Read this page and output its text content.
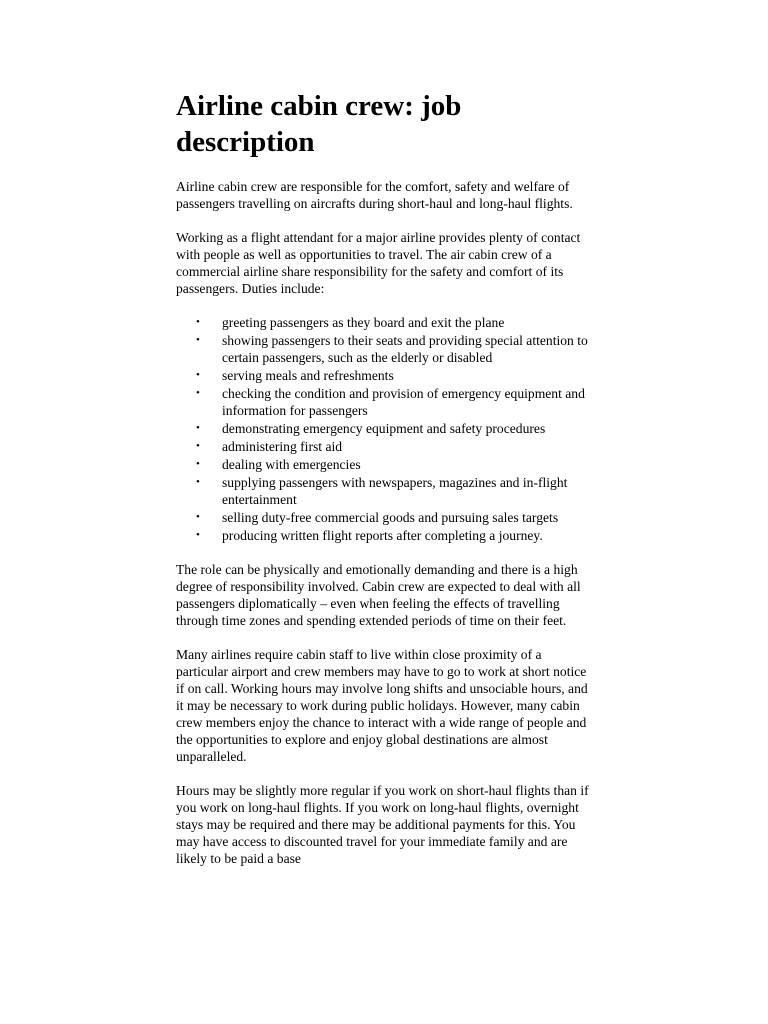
Airline cabin crew: job description

Airline cabin crew are responsible for the comfort, safety and welfare of passengers travelling on aircrafts during short-haul and long-haul flights.

Working as a flight attendant for a major airline provides plenty of contact with people as well as opportunities to travel. The air cabin crew of a commercial airline share responsibility for the safety and comfort of its passengers. Duties include:

• greeting passengers as they board and exit the plane
• showing passengers to their seats and providing special attention to certain passengers, such as the elderly or disabled
• serving meals and refreshments
• checking the condition and provision of emergency equipment and information for passengers
• demonstrating emergency equipment and safety procedures
• administering first aid
• dealing with emergencies
• supplying passengers with newspapers, magazines and in-flight entertainment
• selling duty-free commercial goods and pursuing sales targets
• producing written flight reports after completing a journey.

The role can be physically and emotionally demanding and there is a high degree of responsibility involved. Cabin crew are expected to deal with all passengers diplomatically – even when feeling the effects of travelling through time zones and spending extended periods of time on their feet.

Many airlines require cabin staff to live within close proximity of a particular airport and crew members may have to go to work at short notice if on call. Working hours may involve long shifts and unsociable hours, and it may be necessary to work during public holidays. However, many cabin crew members enjoy the chance to interact with a wide range of people and the opportunities to explore and enjoy global destinations are almost unparalleled.

Hours may be slightly more regular if you work on short-haul flights than if you work on long-haul flights. If you work on long-haul flights, overnight stays may be required and there may be additional payments for this. You may have access to discounted travel for your immediate family and are likely to be paid a base
